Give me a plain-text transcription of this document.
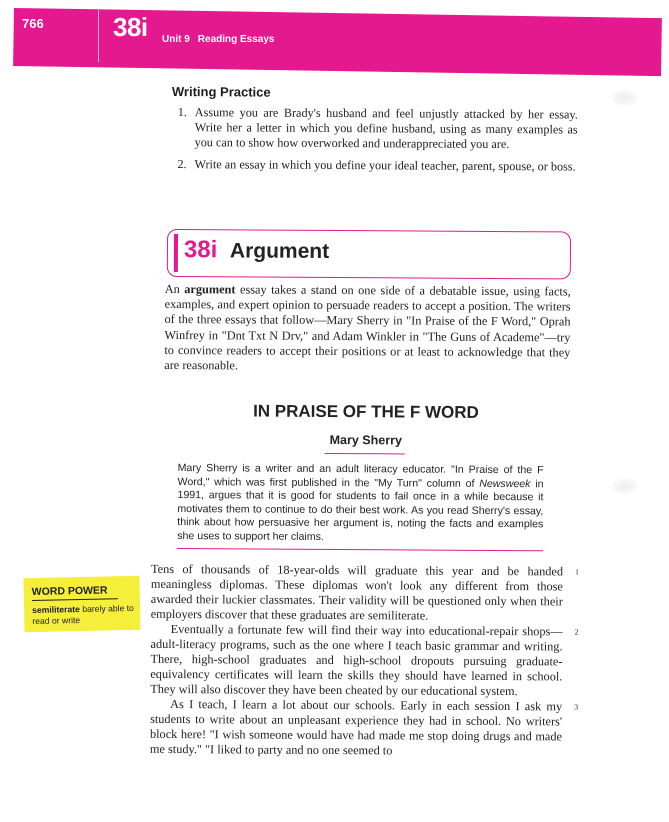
766	38i Unit 9 Reading Essays
Writing Practice
1. Assume you are Brady's husband and feel unjustly attacked by her essay. Write her a letter in which you define husband, using as many examples as you can to show how overworked and underappreciated you are.
2. Write an essay in which you define your ideal teacher, parent, spouse, or boss.
38i Argument
An argument essay takes a stand on one side of a debatable issue, using facts, examples, and expert opinion to persuade readers to accept a position. The writers of the three essays that follow—Mary Sherry in "In Praise of the F Word," Oprah Winfrey in "Dnt Txt N Drv," and Adam Winkler in "The Guns of Academe"—try to convince readers to accept their positions or at least to acknowledge that they are reasonable.
IN PRAISE OF THE F WORD
Mary Sherry
Mary Sherry is a writer and an adult literacy educator. "In Praise of the F Word," which was first published in the "My Turn" column of Newsweek in 1991, argues that it is good for students to fail once in a while because it motivates them to continue to do their best work. As you read Sherry's essay, think about how persuasive her argument is, noting the facts and examples she uses to support her claims.

Tens of thousands of 18-year-olds will graduate this year and be handed meaningless diplomas. These diplomas won't look any different from those awarded their luckier classmates. Their validity will be questioned only when their employers discover that these graduates are semiliterate.
1

Eventually a fortunate few will find their way into educational-repair shops—adult-literacy programs, such as the one where I teach basic grammar and writing. There, high-school graduates and high-school dropouts pursuing graduate-equivalency certificates will learn the skills they should have learned in school. They will also discover they have been cheated by our educational system.
2

As I teach, I learn a lot about our schools. Early in each session I ask my students to write about an unpleasant experience they had in school. No writers' block here! "I wish someone would have had made me stop doing drugs and made me study." "I liked to party and no one seemed to
3

WORD POWER
semiliterate barely able to read or write
